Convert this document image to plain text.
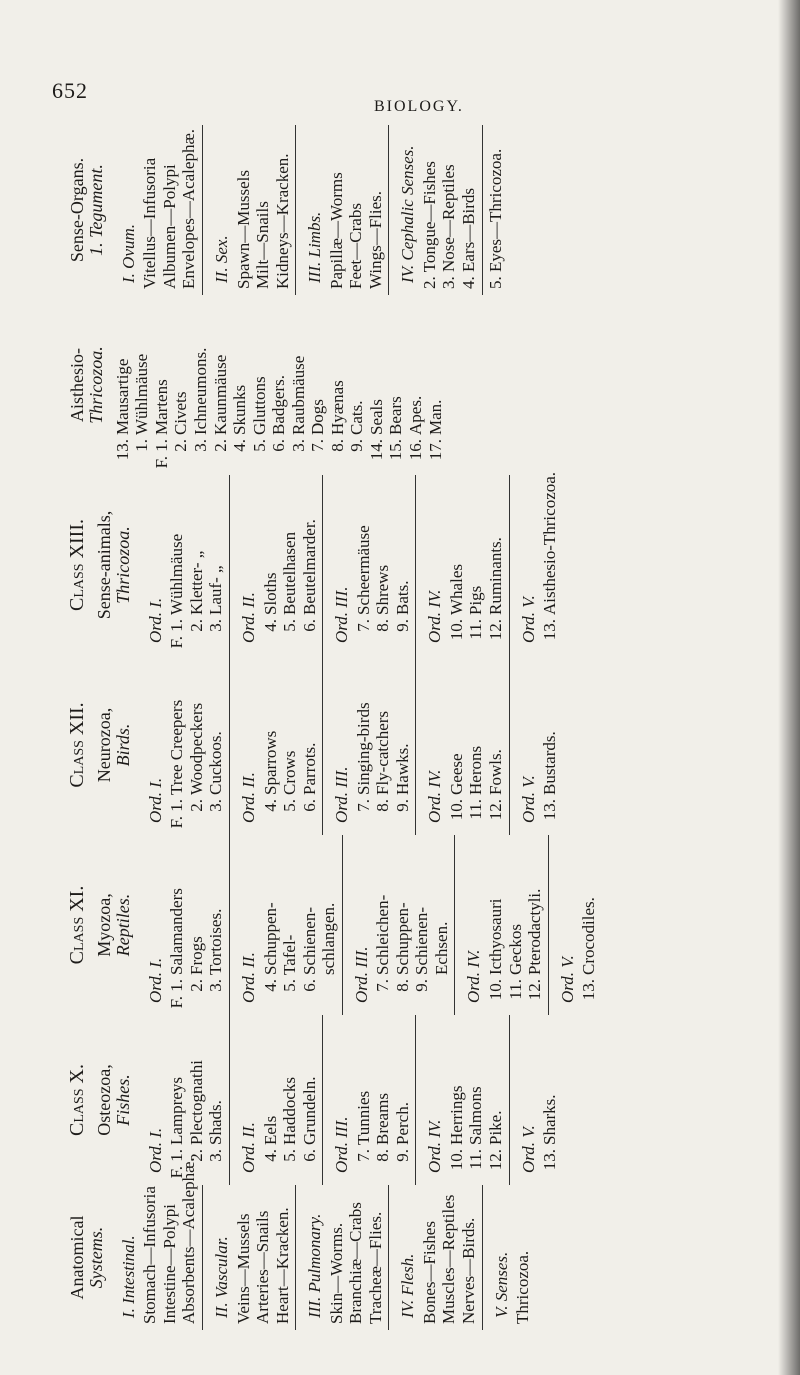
652
BIOLOGY.
Anatomical
Systems. I. Intestinal. Stomach—Infusoria Intestine—Polypi Absorbents—Acalephæ. II. Vascular. Veins—Mussels Arteries—Snails Heart—Kracken. III. Pulmonary. Skin—Worms. Branchiæ—Crabs Tracheæ—Flies. IV. Flesh. Bones—Fishes Muscles—Reptiles Nerves—Birds. V. Senses. Thricozoa.
Class X. Osteozoa,
Fishes.
Ord. I. F. 1.Lampreys
2.Plectognathi
3.Shads. Ord. II. 4.Eels
5.Haddocks
6.Grundeln. Ord. III. 7.Tunnies
8.Breams
9.Perch. Ord. IV. 10.Herrings
11.Salmons
12.Pike. Ord. V. 13.Sharks.
Class XI. Myozoa,
Reptiles.
Ord. I. F. 1.Salamanders
2.Frogs
3.Tortoises.
Ord. II. 4.Schuppen-
5.Tafel-
6.Schienen- schlangen. Ord. III. 7.Schleichen-
8.Schuppen-
9.Schienen- Echsen.
Ord. IV. 10.Icthyosauri
11.Geckos
12.Pterodactyli.
Ord. V. 13.Crocodiles.
Class XII. Neurozoa,
Birds.
Ord. I. F. 1.Tree Creepers
2.Woodpeckers
3.Cuckoos.
Ord. II. 4.Sparrows
5.Crows
6.Parrots. Ord. III. 7.Singing-birds
8.Fly-catchers
9.Hawks.
Ord. IV. 10.Geese
11.Herons
12.Fowls.
Ord. V. 13.Bustards.
Class XIII. Sense-animals,
Thricozoa.
Ord. I. F. 1.Wühlmäuse
2.Kletter- „
3.Lauf- „
Ord. II. 4.Sloths
5.Beutelhasen
6.Beutelmarder. Ord. III. 7.Scheermäuse
8.Shrews
9.Bats. Ord. IV. 10.Whales
11.Pigs
12.Ruminants.
Ord. V. 13.Aisthesio-Thricozoa.
Aisthesio-
Thricozoa.
13.Mausartige
1.Wühlmäuse
F. 1.Martens
2.Civets
3.Ichneumons.
2.Kaunmäuse
4.Skunks
5.Gluttons
6.Badgers.
3.Raubmäuse
7.Dogs
8.Hyænas
9.Cats.
14.Seals
15.Bears
16.Apes.
17.Man.
Sense-Organs.
1. Tegument. I. Ovum. Vitellus—Infusoria Albumen—Polypi Envelopes—Acalephæ. II. Sex. Spawn—Mussels Milt—Snails Kidneys—Kracken. III. Limbs. Papillæ—Worms Feet—Crabs Wings—Flies. IV. Cephalic Senses. 2. Tongue—Fishes 3. Nose—Reptiles 4. Ears—Birds 5. Eyes—Thricozoa.
